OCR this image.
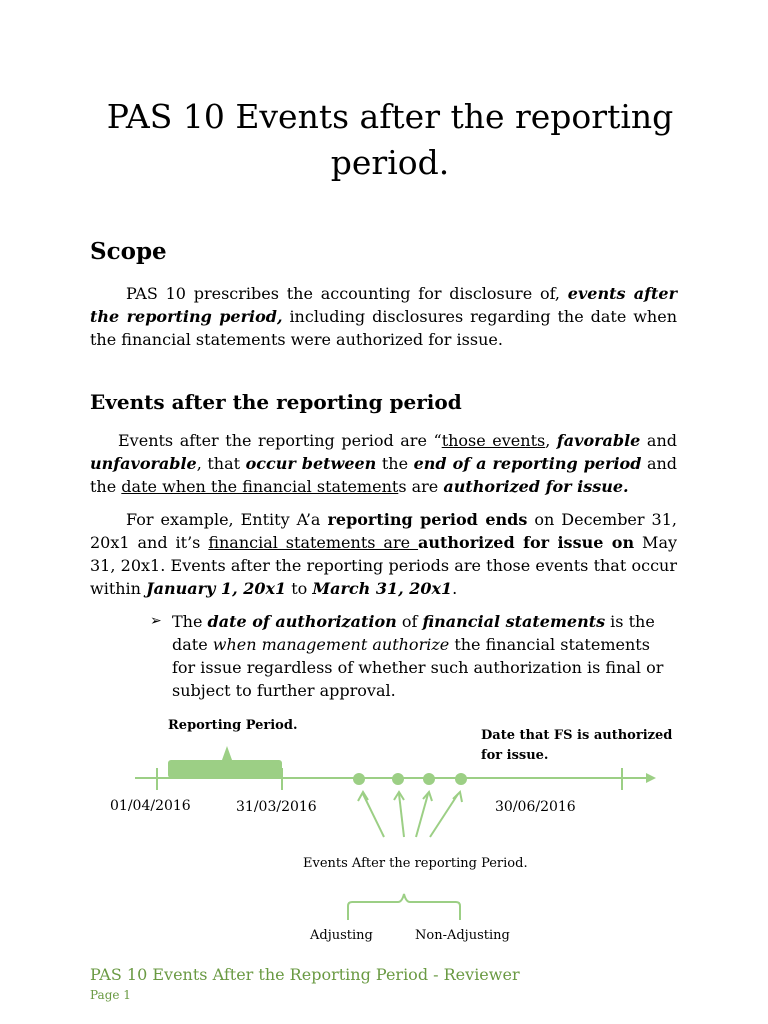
PAS 10 Events after the reporting period.
Scope

PAS 10 prescribes the accounting for disclosure of, events after the reporting period, including disclosures regarding the date when the financial statements were authorized for issue.

Events after the reporting period

Events after the reporting period are “those events, favorable and unfavorable, that occur between the end of a reporting period and the date when the financial statements are authorized for issue.

For example, Entity A’a reporting period ends on December 31, 20x1 and it’s financial statements are authorized for issue on May 31, 20x1. Events after the reporting periods are those events that occur within January 1, 20x1 to March 31, 20x1.

➢ The date of authorization of financial statements is the date when management authorize the financial statements for issue regardless of whether such authorization is final or subject to further approval.
Reporting Period.
Date that FS is authorized
for issue.
01/04/2016	31/03/2016	30/06/2016
Events After the reporting Period.
Adjusting	Non-Adjusting
PAS 10 Events After the Reporting Period - Reviewer
Page 1
